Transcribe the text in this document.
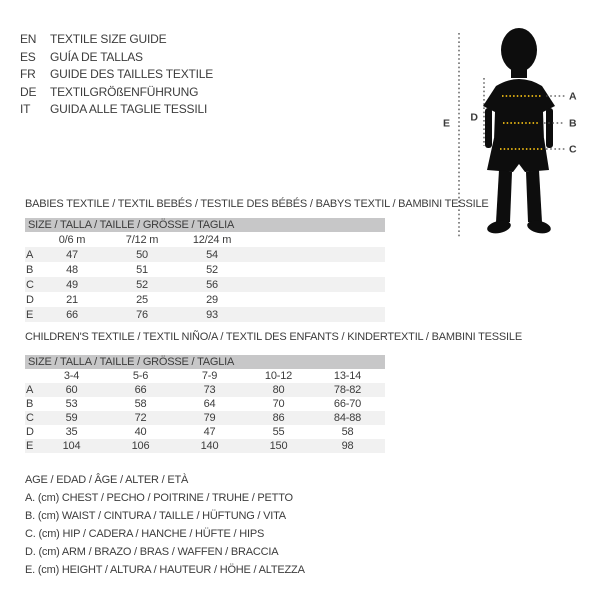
EN	TEXTILE SIZE GUIDE
ES	GUÍA DE TALLAS
FR	GUIDE DES TAILLES TEXTILE
DE	TEXTILGRÖßENFÜHRUNG
IT	GUIDA ALLE TAGLIE TESSILI
A
B
C
D
E
BABIES TEXTILE / TEXTIL BEBÉS / TESTILE DES BÉBÉS / BABYS TEXTIL / BAMBINI TESSILE
SIZE / TALLA / TAILLE / GRÖSSE / TAGLIA
	0/6 m	7/12 m	12/24 m	
A	47	50	54	
B	48	51	52	
C	49	52	56	
D	21	25	29	
E	66	76	93	
CHILDREN'S TEXTILE / TEXTIL NIÑO/A / TEXTIL DES ENFANTS / KINDERTEXTIL / BAMBINI TESSILE
SIZE / TALLA / TAILLE / GRÖSSE / TAGLIA
	3-4	5-6	7-9	10-12	13-14	
A	60	66	73	80	78-82	
B	53	58	64	70	66-70	
C	59	72	79	86	84-88	
D	35	40	47	55	58	
E	104	106	140	150	98	
AGE / EDAD / ÂGE / ALTER / ETÀ
A. (cm) CHEST / PECHO / POITRINE / TRUHE / PETTO
B. (cm) WAIST / CINTURA / TAILLE / HÜFTUNG / VITA
C. (cm) HIP / CADERA / HANCHE / HÜFTE / HIPS
D. (cm) ARM / BRAZO / BRAS / WAFFEN / BRACCIA
E. (cm) HEIGHT / ALTURA / HAUTEUR / HÖHE / ALTEZZA
